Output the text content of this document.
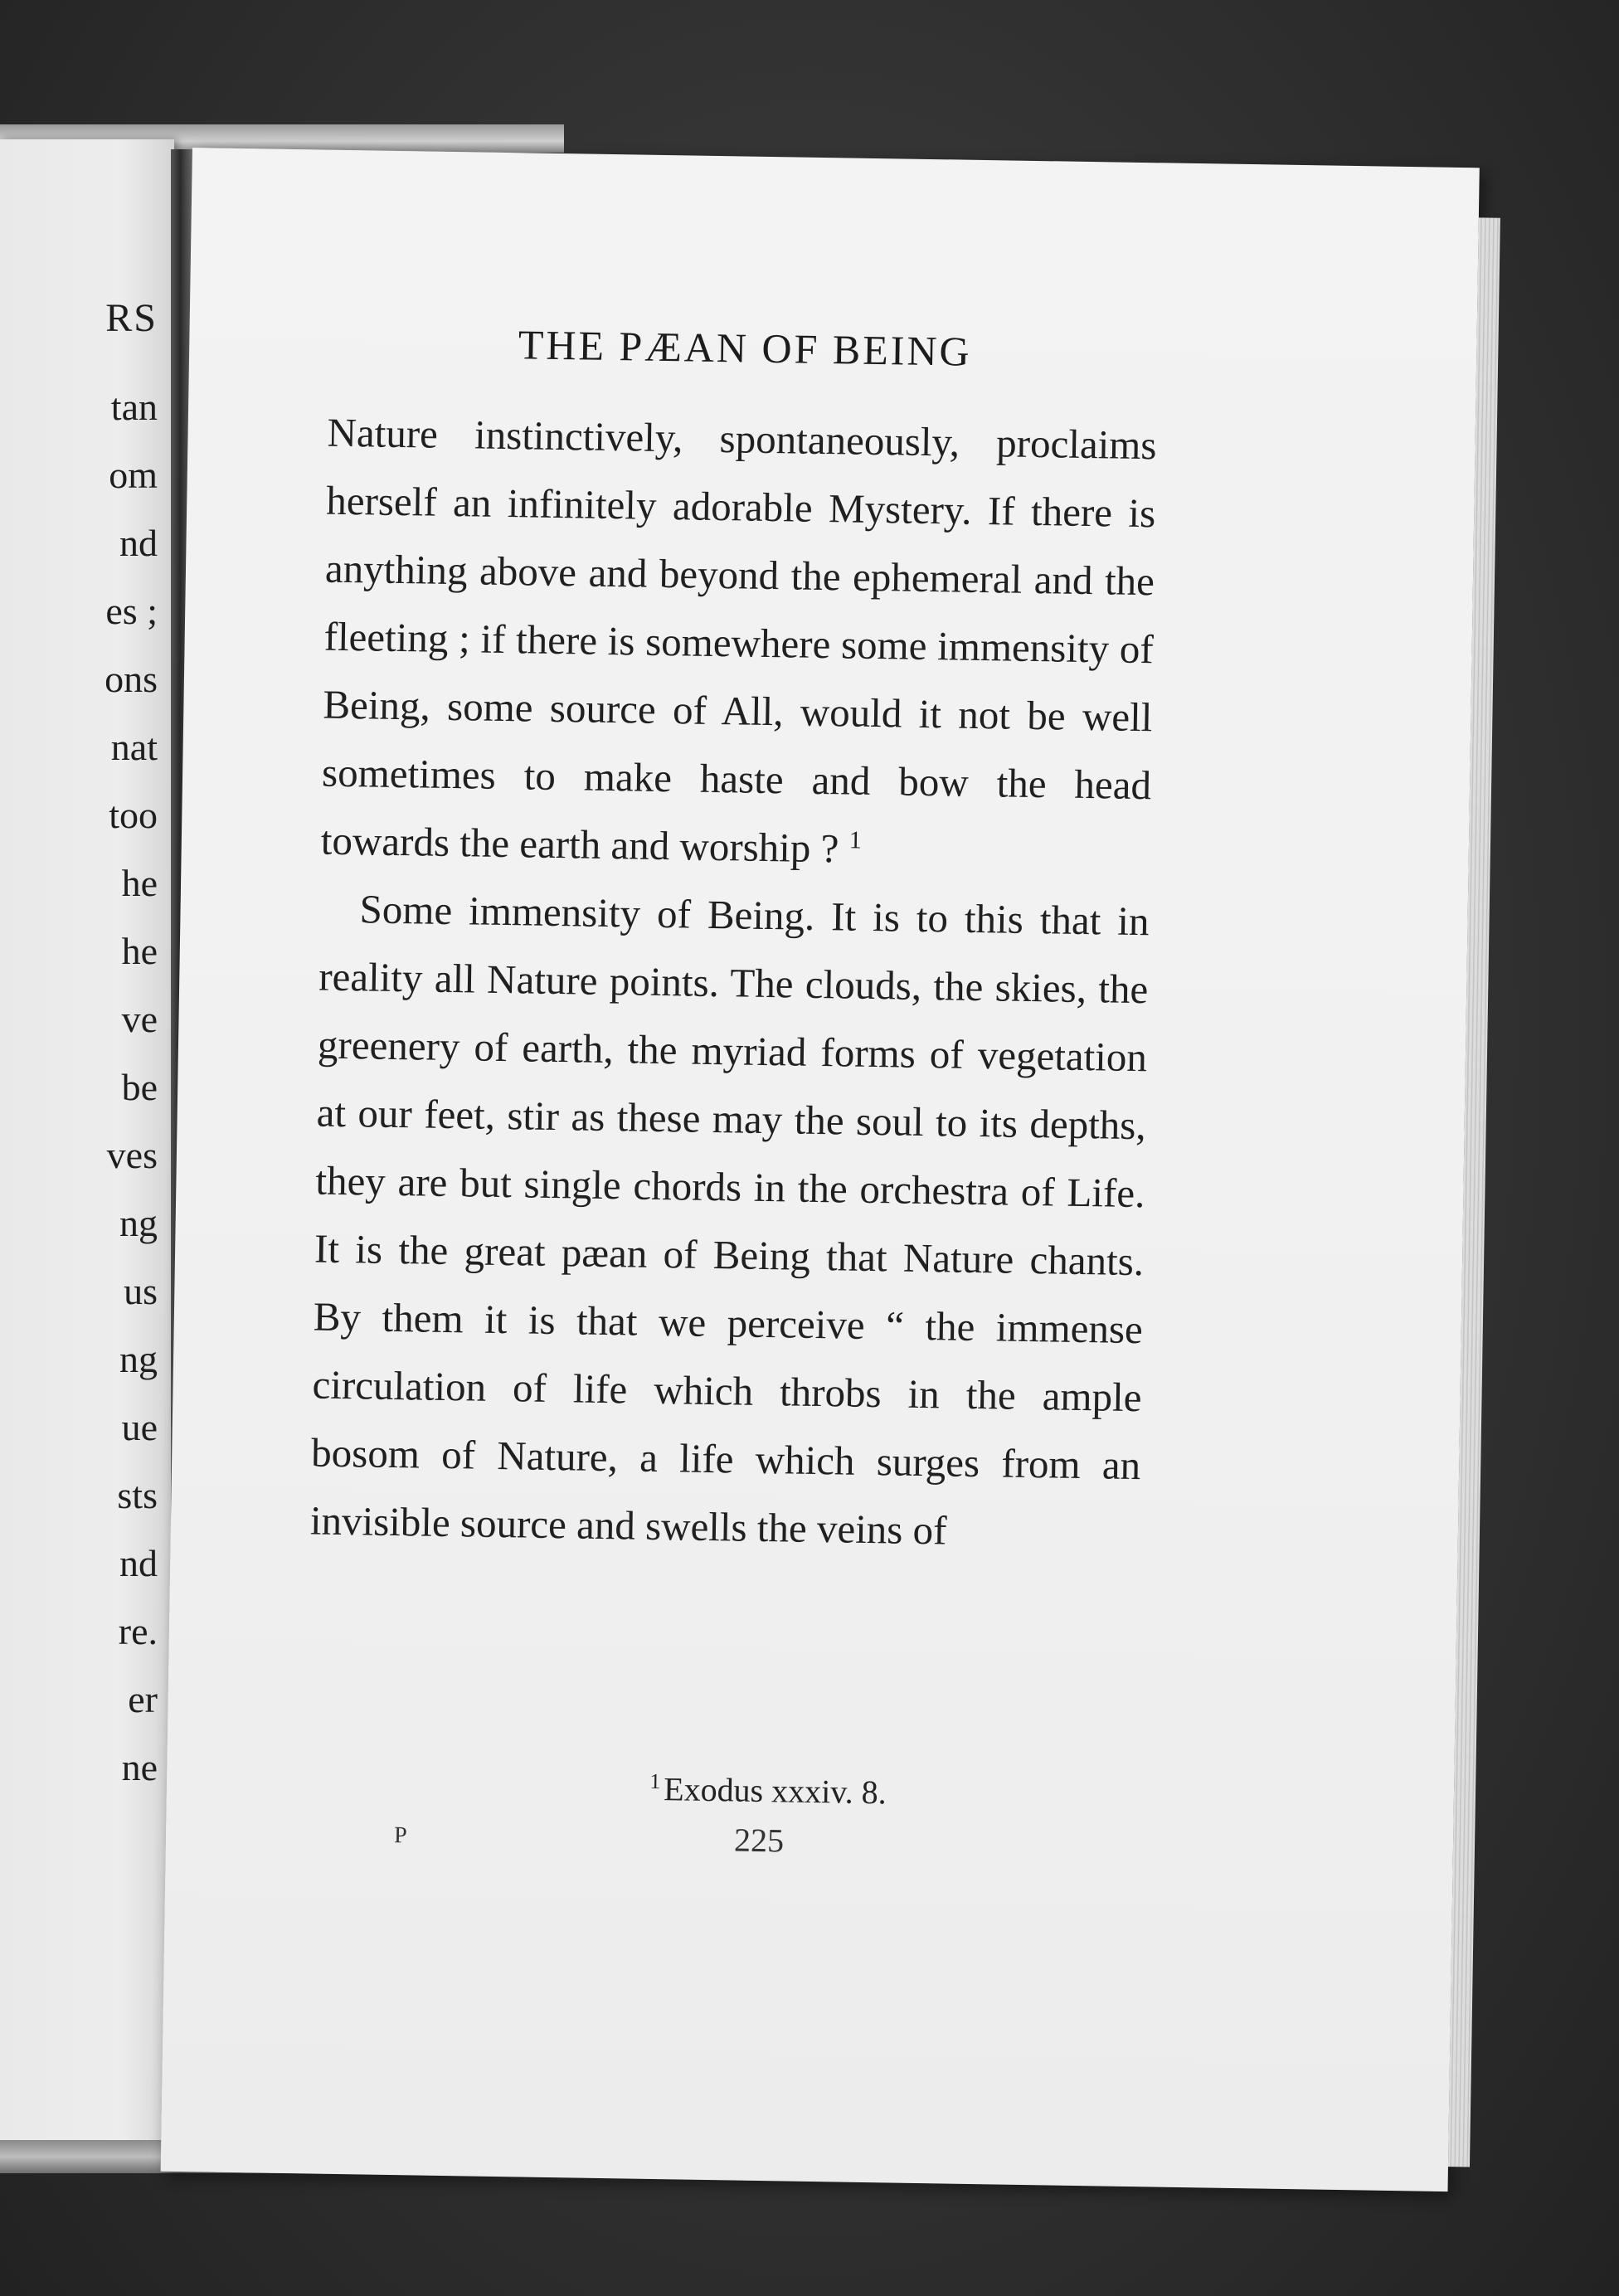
RS
tan
om
nd
es ;
ons
nat
too
he
he
ve
be
ves
ng
us
ng
ue
sts
nd
re.
er
ne
THE PÆAN OF BEING

Nature instinctively, spontaneously, proclaims herself an infinitely adorable Mystery. If there is anything above and beyond the ephemeral and the fleeting ; if there is somewhere some immensity of Being, some source of All, would it not be well sometimes to make haste and bow the head towards the earth and worship ? $^1$

Some immensity of Being. It is to this that in reality all Nature points. The clouds, the skies, the greenery of earth, the myriad forms of vegetation at our feet, stir as these may the soul to its depths, they are but single chords in the orchestra of Life. It is the great pæan of Being that Nature chants. By them it is that we perceive “ the immense circulation of life which throbs in the ample bosom of Nature, a life which surges from an invisible source and swells the veins of

$^1$Exodus xxxiv. 8.
P	225
